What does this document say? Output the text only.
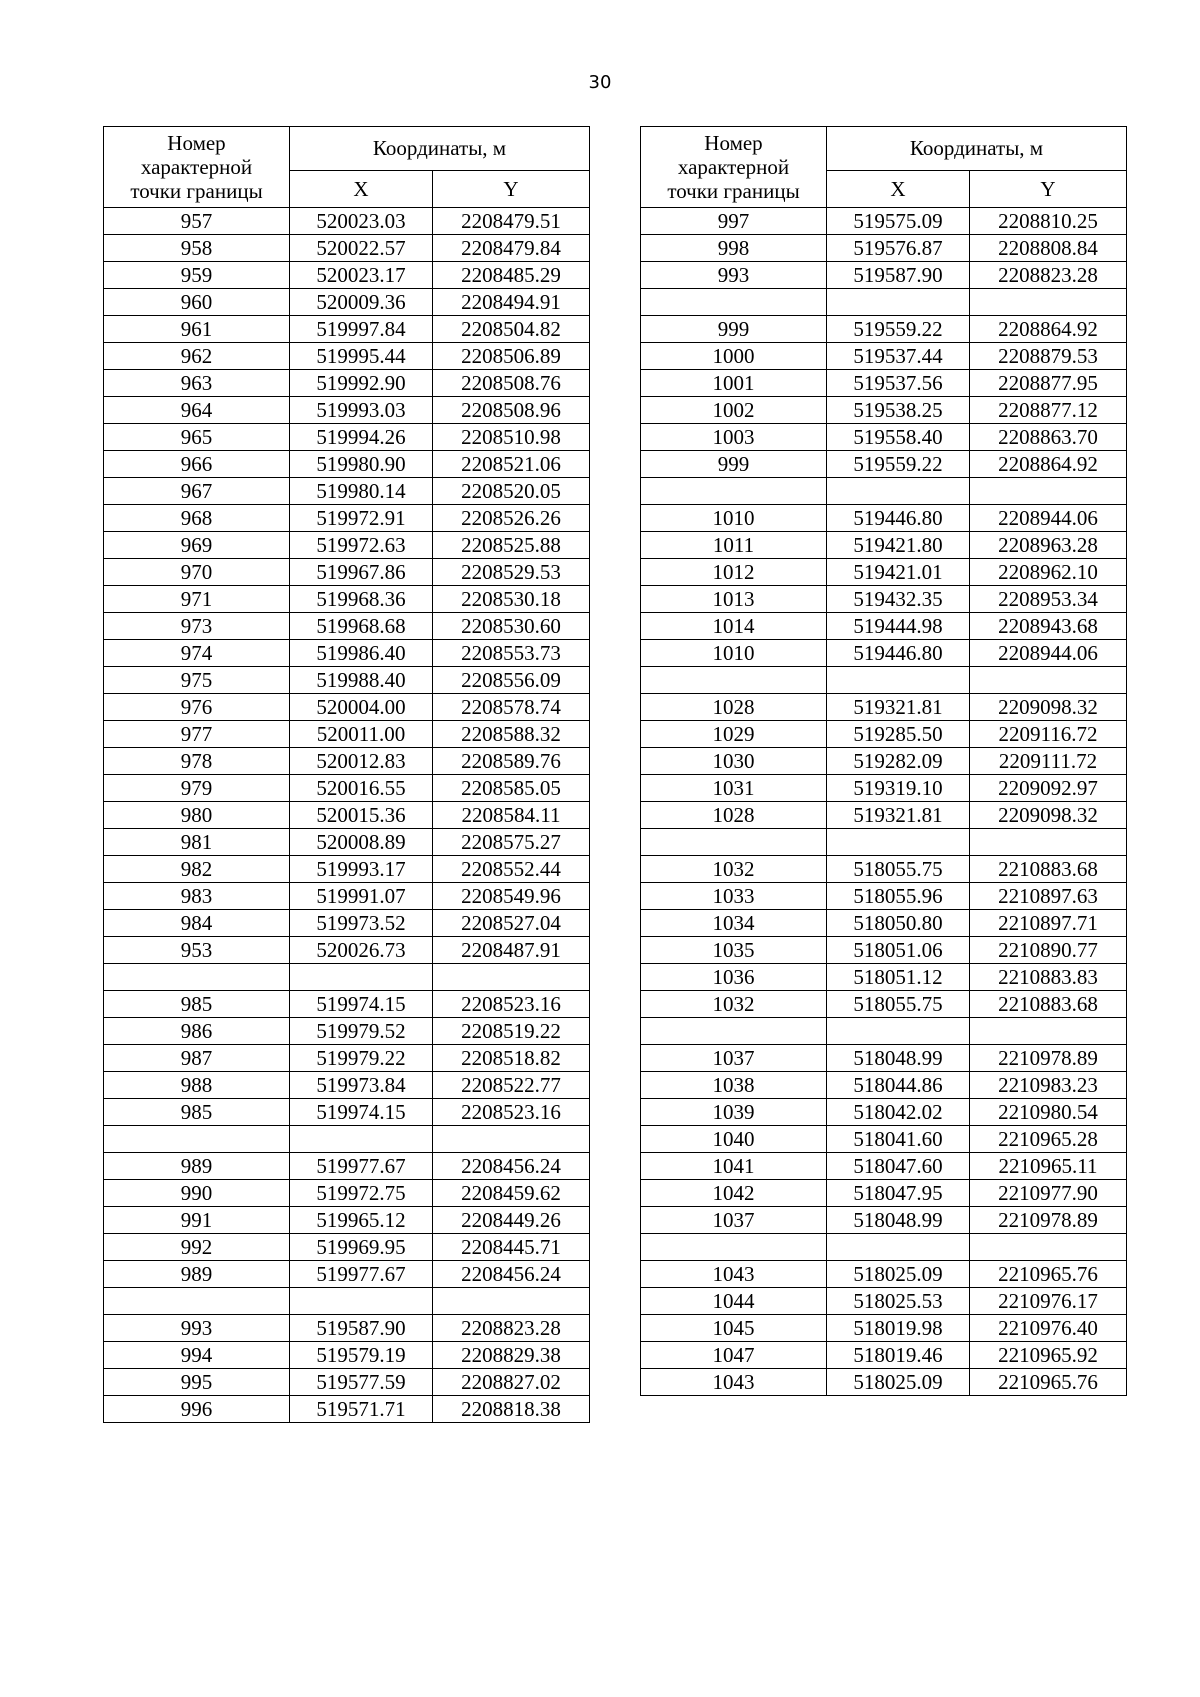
30
Номер
характерной
точки границы	Координаты, м	
	X	Y
957	520023.03	2208479.51
958	520022.57	2208479.84
959	520023.17	2208485.29
960	520009.36	2208494.91
961	519997.84	2208504.82
962	519995.44	2208506.89
963	519992.90	2208508.76
964	519993.03	2208508.96
965	519994.26	2208510.98
966	519980.90	2208521.06
967	519980.14	2208520.05
968	519972.91	2208526.26
969	519972.63	2208525.88
970	519967.86	2208529.53
971	519968.36	2208530.18
973	519968.68	2208530.60
974	519986.40	2208553.73
975	519988.40	2208556.09
976	520004.00	2208578.74
977	520011.00	2208588.32
978	520012.83	2208589.76
979	520016.55	2208585.05
980	520015.36	2208584.11
981	520008.89	2208575.27
982	519993.17	2208552.44
983	519991.07	2208549.96
984	519973.52	2208527.04
953	520026.73	2208487.91

985	519974.15	2208523.16
986	519979.52	2208519.22
987	519979.22	2208518.82
988	519973.84	2208522.77
985	519974.15	2208523.16

989	519977.67	2208456.24
990	519972.75	2208459.62
991	519965.12	2208449.26
992	519969.95	2208445.71
989	519977.67	2208456.24

993	519587.90	2208823.28
994	519579.19	2208829.38
995	519577.59	2208827.02
996	519571.71	2208818.38
Номер
характерной
точки границы	Координаты, м	
	X	Y
997	519575.09	2208810.25
998	519576.87	2208808.84
993	519587.90	2208823.28

999	519559.22	2208864.92
1000	519537.44	2208879.53
1001	519537.56	2208877.95
1002	519538.25	2208877.12
1003	519558.40	2208863.70
999	519559.22	2208864.92

1010	519446.80	2208944.06
1011	519421.80	2208963.28
1012	519421.01	2208962.10
1013	519432.35	2208953.34
1014	519444.98	2208943.68
1010	519446.80	2208944.06

1028	519321.81	2209098.32
1029	519285.50	2209116.72
1030	519282.09	2209111.72
1031	519319.10	2209092.97
1028	519321.81	2209098.32

1032	518055.75	2210883.68
1033	518055.96	2210897.63
1034	518050.80	2210897.71
1035	518051.06	2210890.77
1036	518051.12	2210883.83
1032	518055.75	2210883.68

1037	518048.99	2210978.89
1038	518044.86	2210983.23
1039	518042.02	2210980.54
1040	518041.60	2210965.28
1041	518047.60	2210965.11
1042	518047.95	2210977.90
1037	518048.99	2210978.89

1043	518025.09	2210965.76
1044	518025.53	2210976.17
1045	518019.98	2210976.40
1047	518019.46	2210965.92
1043	518025.09	2210965.76
